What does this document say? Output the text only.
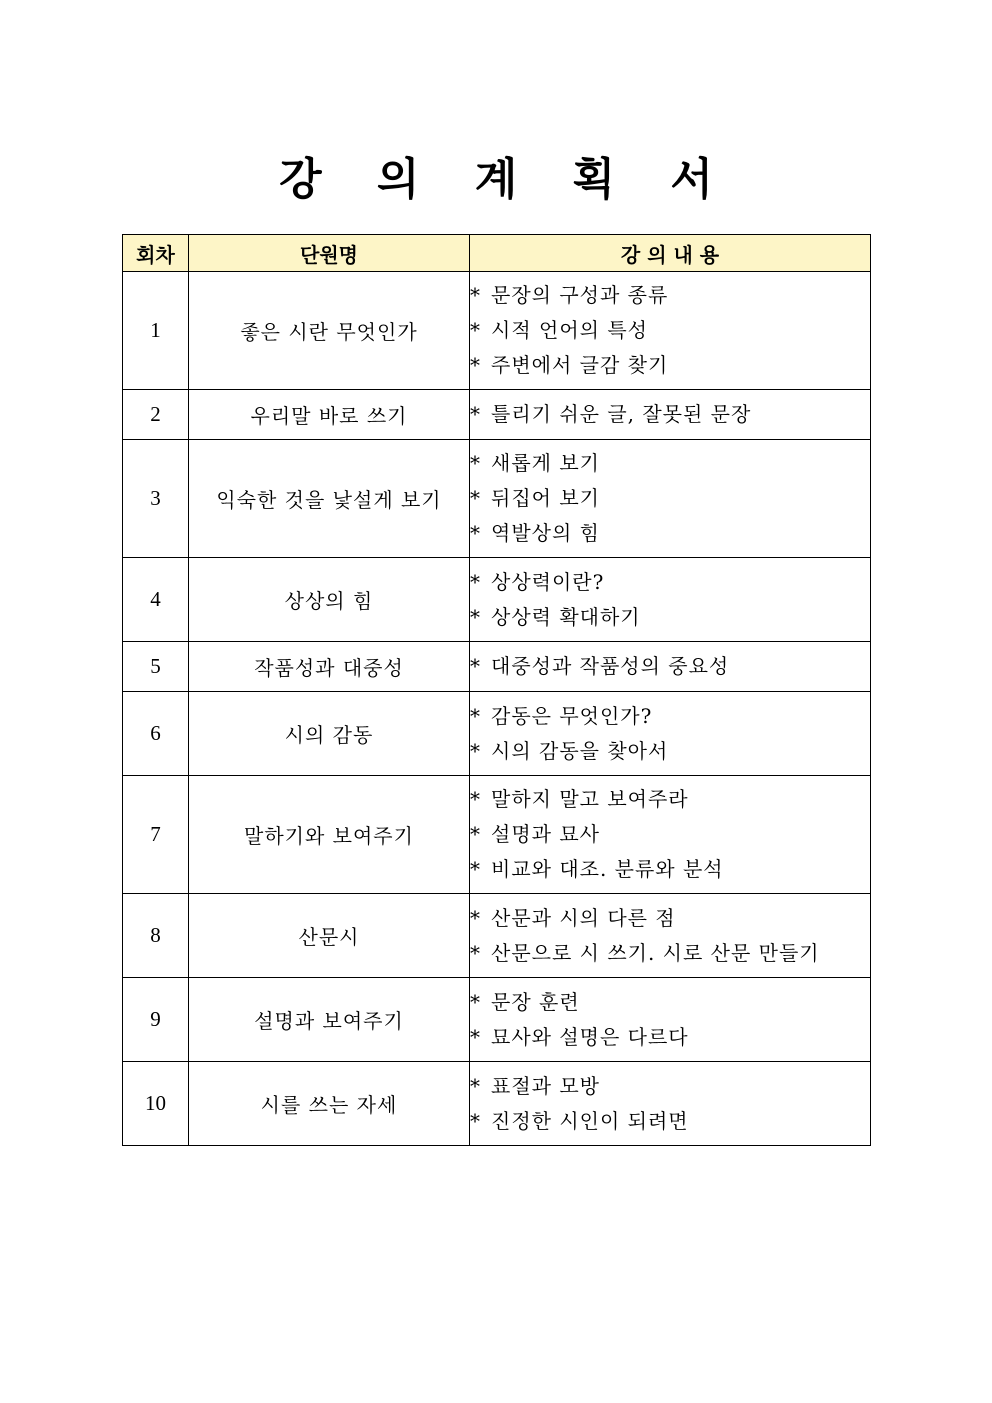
강 의 계 획 서
회차	단원명	강 의 내 용
1	좋은 시란 무엇인가	* 문장의 구성과 종류
* 시적 언어의 특성
* 주변에서 글감 찾기

2	우리말 바로 쓰기	* 틀리기 쉬운 글, 잘못된 문장

3	익숙한 것을 낯설게 보기	* 새롭게 보기
* 뒤집어 보기
* 역발상의 힘

4	상상의 힘	* 상상력이란?
* 상상력 확대하기

5	작품성과 대중성	* 대중성과 작품성의 중요성

6	시의 감동	* 감동은 무엇인가?
* 시의 감동을 찾아서

7	말하기와 보여주기	* 말하지 말고 보여주라
* 설명과 묘사
* 비교와 대조. 분류와 분석

8	산문시	* 산문과 시의 다른 점
* 산문으로 시 쓰기. 시로 산문 만들기

9	설명과 보여주기	* 문장 훈련
* 묘사와 설명은 다르다

10	시를 쓰는 자세	* 표절과 모방
* 진정한 시인이 되려면
